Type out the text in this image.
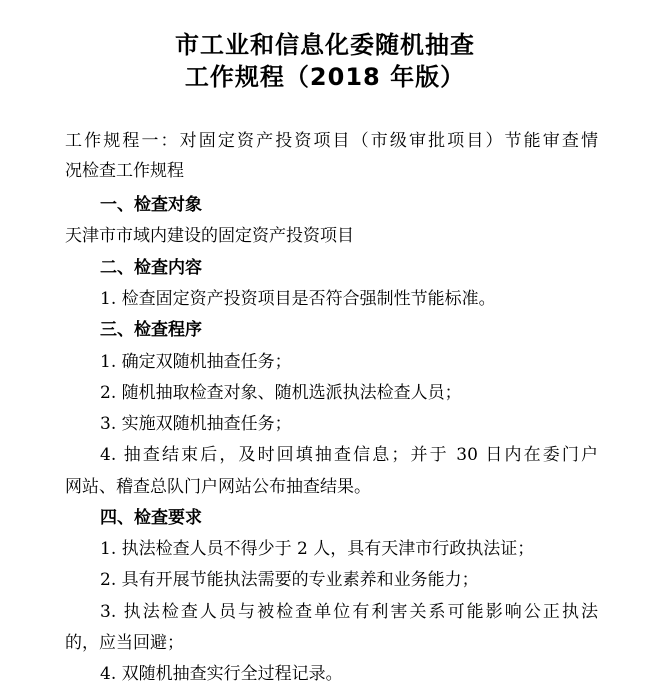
市工业和信息化委随机抽查
工作规程（2018 年版）
工作规程一：对固定资产投资项目（市级审批项目）节能审查情
况检查工作规程
一、检查对象
天津市市域内建设的固定资产投资项目
二、检查内容
1. 检查固定资产投资项目是否符合强制性节能标准。
三、检查程序
1. 确定双随机抽查任务；
2. 随机抽取检查对象、随机选派执法检查人员；
3. 实施双随机抽查任务；
4. 抽查结束后，及时回填抽查信息；并于 30 日内在委门户
网站、稽查总队门户网站公布抽查结果。
四、检查要求
1. 执法检查人员不得少于 2 人，具有天津市行政执法证；
2. 具有开展节能执法需要的专业素养和业务能力；
3. 执法检查人员与被检查单位有利害关系可能影响公正执法
的，应当回避；
4. 双随机抽查实行全过程记录。
